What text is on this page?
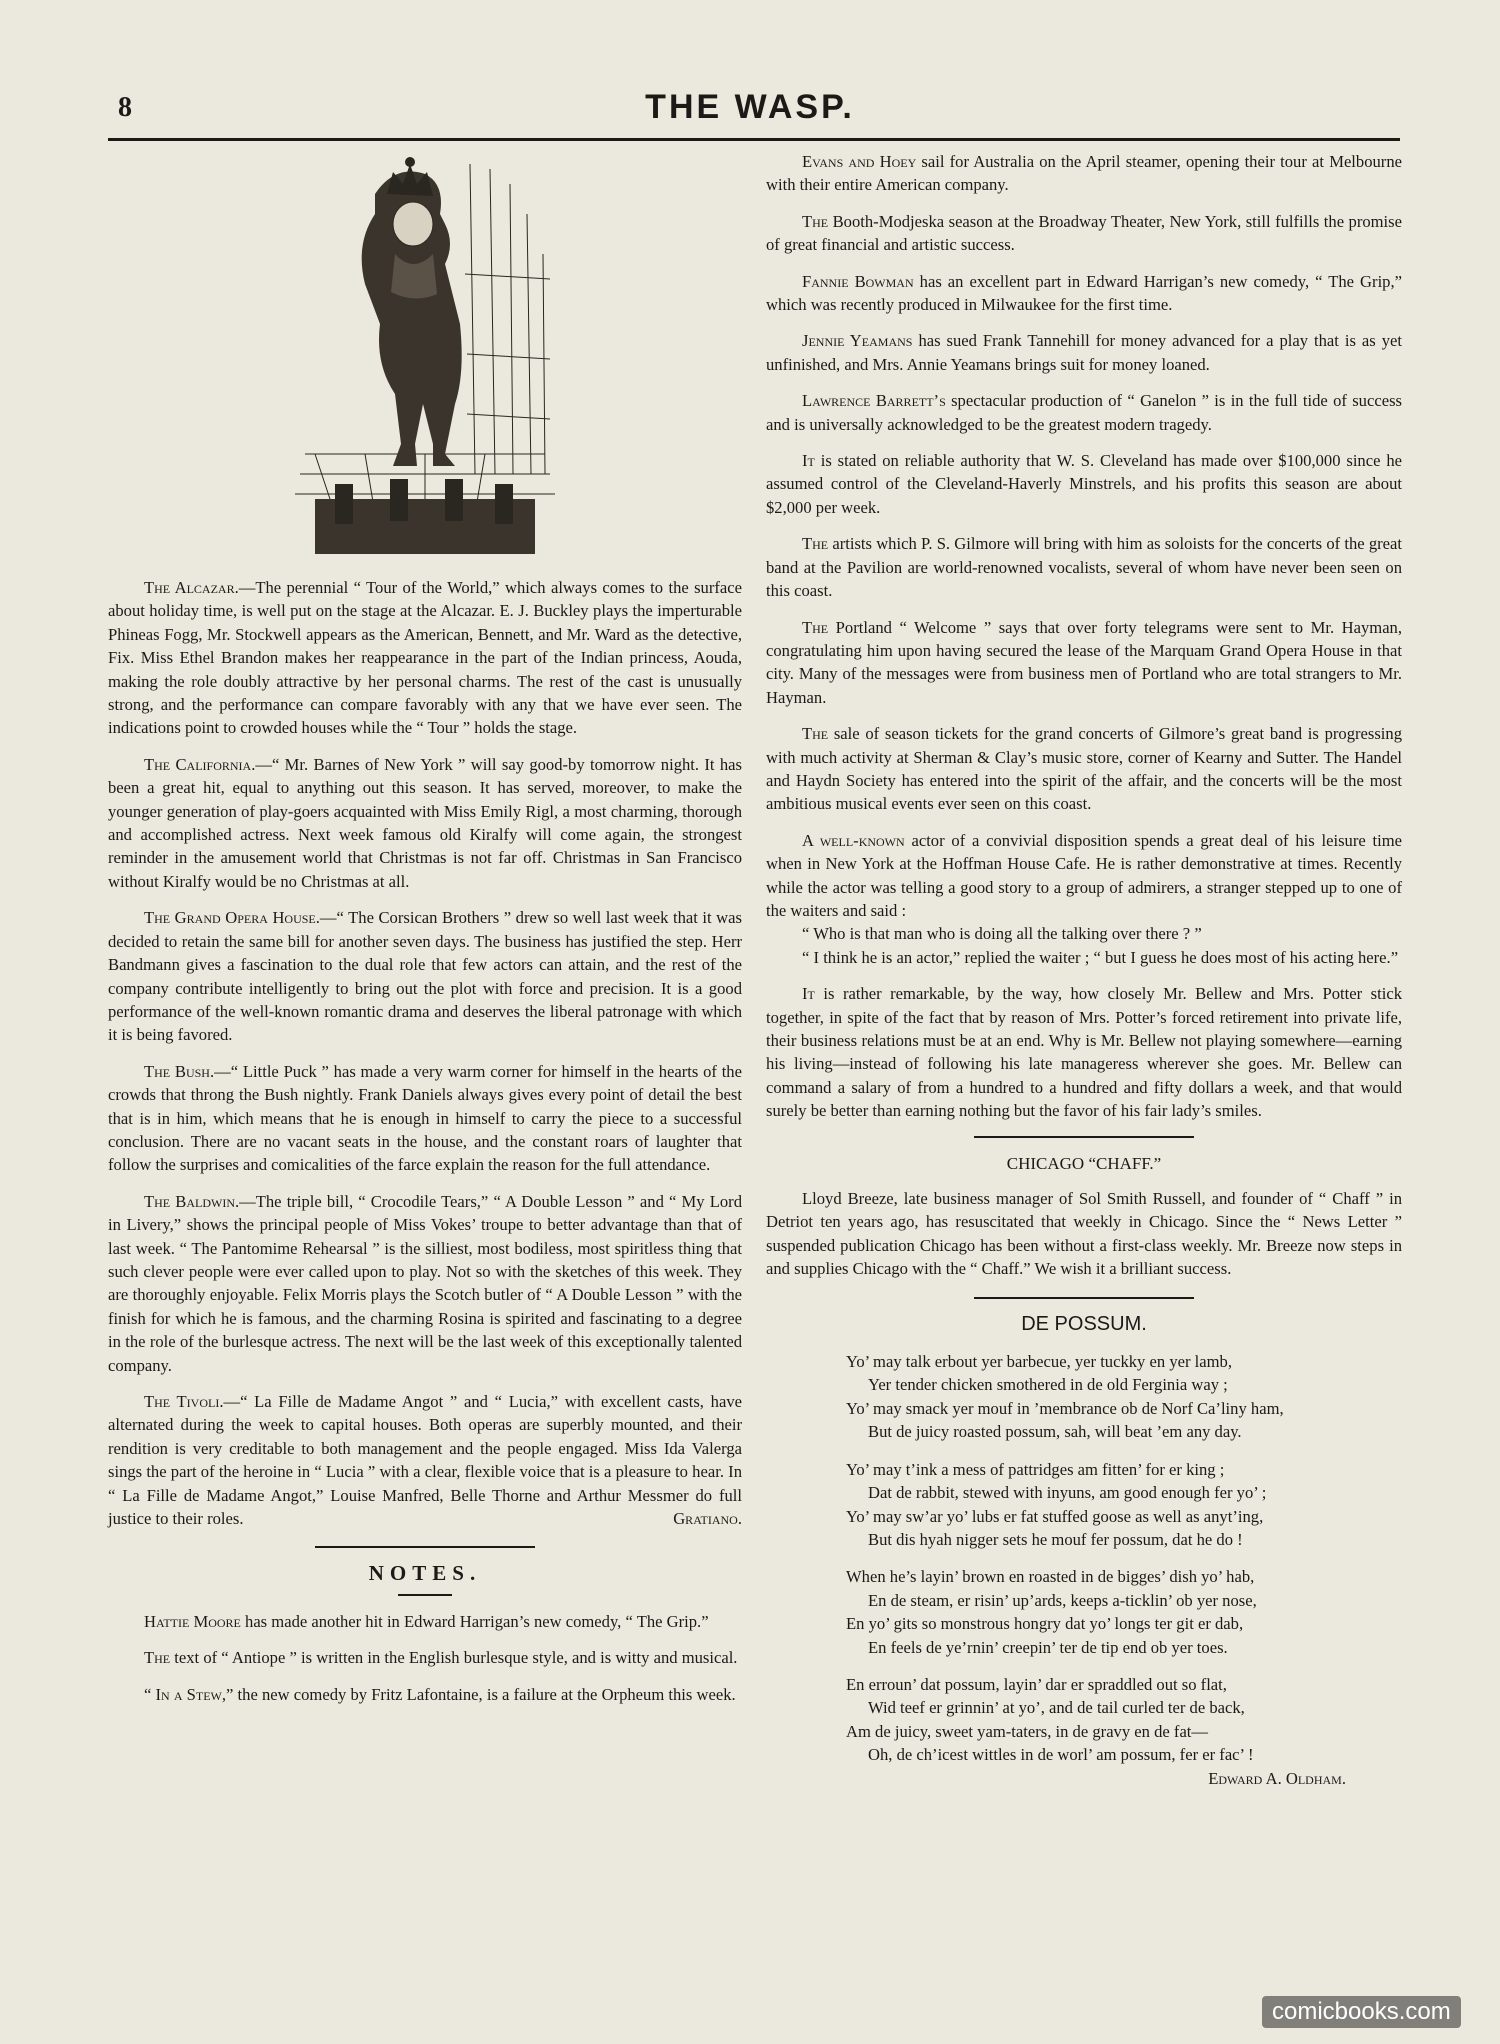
8	THE WASP.

The Alcazar.—The perennial “ Tour of the World,” which always comes to the surface about holiday time, is well put on the stage at the Alcazar. E. J. Buckley plays the imperturable Phineas Fogg, Mr. Stockwell appears as the American, Bennett, and Mr. Ward as the detective, Fix. Miss Ethel Brandon makes her reappearance in the part of the Indian princess, Aouda, making the role doubly attractive by her personal charms. The rest of the cast is unusually strong, and the performance can compare favorably with any that we have ever seen. The indications point to crowded houses while the “ Tour ” holds the stage.

The California.—“ Mr. Barnes of New York ” will say good-by tomorrow night. It has been a great hit, equal to anything out this season. It has served, moreover, to make the younger generation of play-goers acquainted with Miss Emily Rigl, a most charming, thorough and accomplished actress. Next week famous old Kiralfy will come again, the strongest reminder in the amusement world that Christmas is not far off. Christmas in San Francisco without Kiralfy would be no Christmas at all.

The Grand Opera House.—“ The Corsican Brothers ” drew so well last week that it was decided to retain the same bill for another seven days. The business has justified the step. Herr Bandmann gives a fascination to the dual role that few actors can attain, and the rest of the company contribute intelligently to bring out the plot with force and precision. It is a good performance of the well-known romantic drama and deserves the liberal patronage with which it is being favored.

The Bush.—“ Little Puck ” has made a very warm corner for himself in the hearts of the crowds that throng the Bush nightly. Frank Daniels always gives every point of detail the best that is in him, which means that he is enough in himself to carry the piece to a successful conclusion. There are no vacant seats in the house, and the constant roars of laughter that follow the surprises and comicalities of the farce explain the reason for the full attendance.

The Baldwin.—The triple bill, “ Crocodile Tears,” “ A Double Lesson ” and “ My Lord in Livery,” shows the principal people of Miss Vokes’ troupe to better advantage than that of last week. “ The Pantomime Rehearsal ” is the silliest, most bodiless, most spiritless thing that such clever people were ever called upon to play. Not so with the sketches of this week. They are thoroughly enjoyable. Felix Morris plays the Scotch butler of “ A Double Lesson ” with the finish for which he is famous, and the charming Rosina is spirited and fascinating to a degree in the role of the burlesque actress. The next will be the last week of this exceptionally talented company.

The Tivoli.—“ La Fille de Madame Angot ” and “ Lucia,” with excellent casts, have alternated during the week to capital houses. Both operas are superbly mounted, and their rendition is very creditable to both management and the people engaged. Miss Ida Valerga sings the part of the heroine in “ Lucia ” with a clear, flexible voice that is a pleasure to hear. In “ La Fille de Madame Angot,” Louise Manfred, Belle Thorne and Arthur Messmer do full justice to their roles.	Gratiano.

NOTES.

Hattie Moore has made another hit in Edward Harrigan’s new comedy, “ The Grip.”

The text of “ Antiope ” is written in the English burlesque style, and is witty and musical.

“ In a Stew,” the new comedy by Fritz Lafontaine, is a failure at the Orpheum this week.

Evans and Hoey sail for Australia on the April steamer, opening their tour at Melbourne with their entire American company.

The Booth-Modjeska season at the Broadway Theater, New York, still fulfills the promise of great financial and artistic success.

Fannie Bowman has an excellent part in Edward Harrigan’s new comedy, “ The Grip,” which was recently produced in Milwaukee for the first time.

Jennie Yeamans has sued Frank Tannehill for money advanced for a play that is as yet unfinished, and Mrs. Annie Yeamans brings suit for money loaned.

Lawrence Barrett’s spectacular production of “ Ganelon ” is in the full tide of success and is universally acknowledged to be the greatest modern tragedy.

It is stated on reliable authority that W. S. Cleveland has made over $100,000 since he assumed control of the Cleveland-Haverly Minstrels, and his profits this season are about $2,000 per week.

The artists which P. S. Gilmore will bring with him as soloists for the concerts of the great band at the Pavilion are world-renowned vocalists, several of whom have never been seen on this coast.

The Portland “ Welcome ” says that over forty telegrams were sent to Mr. Hayman, congratulating him upon having secured the lease of the Marquam Grand Opera House in that city. Many of the messages were from business men of Portland who are total strangers to Mr. Hayman.

The sale of season tickets for the grand concerts of Gilmore’s great band is progressing with much activity at Sherman & Clay’s music store, corner of Kearny and Sutter. The Handel and Haydn Society has entered into the spirit of the affair, and the concerts will be the most ambitious musical events ever seen on this coast.

A well-known actor of a convivial disposition spends a great deal of his leisure time when in New York at the Hoffman House Cafe. He is rather demonstrative at times. Recently while the actor was telling a good story to a group of admirers, a stranger stepped up to one of the waiters and said :

“ Who is that man who is doing all the talking over there ? ”

“ I think he is an actor,” replied the waiter ; “ but I guess he does most of his acting here.”

It is rather remarkable, by the way, how closely Mr. Bellew and Mrs. Potter stick together, in spite of the fact that by reason of Mrs. Potter’s forced retirement into private life, their business relations must be at an end. Why is Mr. Bellew not playing somewhere—earning his living—instead of following his late manageress wherever she goes. Mr. Bellew can command a salary of from a hundred to a hundred and fifty dollars a week, and that would surely be better than earning nothing but the favor of his fair lady’s smiles.

CHICAGO “CHAFF.”

Lloyd Breeze, late business manager of Sol Smith Russell, and founder of “ Chaff ” in Detriot ten years ago, has resuscitated that weekly in Chicago. Since the “ News Letter ” suspended publication Chicago has been without a first-class weekly. Mr. Breeze now steps in and supplies Chicago with the “ Chaff.” We wish it a brilliant success.

DE POSSUM.
Yo’ may talk erbout yer barbecue, yer tuckky en yer lamb,
Yer tender chicken smothered in de old Ferginia way ;
Yo’ may smack yer mouf in ’membrance ob de Norf Ca’liny ham,
But de juicy roasted possum, sah, will beat ’em any day.
Yo’ may t’ink a mess of pattridges am fitten’ for er king ;
Dat de rabbit, stewed with inyuns, am good enough fer yo’ ;
Yo’ may sw’ar yo’ lubs er fat stuffed goose as well as anyt’ing,
But dis hyah nigger sets he mouf fer possum, dat he do !
When he’s layin’ brown en roasted in de bigges’ dish yo’ hab,
En de steam, er risin’ up’ards, keeps a-ticklin’ ob yer nose,
En yo’ gits so monstrous hongry dat yo’ longs ter git er dab,
En feels de ye’rnin’ creepin’ ter de tip end ob yer toes.
En erroun’ dat possum, layin’ dar er spraddled out so flat,
Wid teef er grinnin’ at yo’, and de tail curled ter de back,
Am de juicy, sweet yam-taters, in de gravy en de fat—
Oh, de ch’icest wittles in de worl’ am possum, fer er fac’ !

Edward A. Oldham.

comicbooks.com
